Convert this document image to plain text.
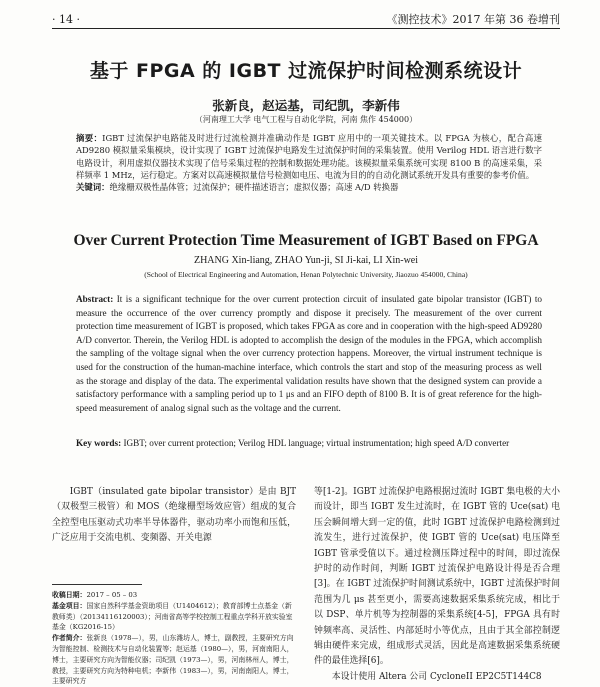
· 14 ·	《测控技术》2017 年第 36 卷增刊
基于 FPGA 的 IGBT 过流保护时间检测系统设计
张新良，赵运基，司纪凯，李新伟
（河南理工大学 电气工程与自动化学院，河南 焦作 454000）
摘要：IGBT 过流保护电路能及时进行过流检测并准确动作是 IGBT 应用中的一项关键技术。以 FPGA 为核心，配合高速 AD9280 模拟量采集模块，设计实现了 IGBT 过流保护电路发生过流保护时间的采集装置。使用 Verilog HDL 语言进行数字电路设计，利用虚拟仪器技术实现了信号采集过程的控制和数据处理功能。该模拟量采集系统可实现 8100 B 的高速采集，采样频率 1 MHz，运行稳定。方案对以高速模拟量信号检测如电压、电流为目的的自动化测试系统开发具有重要的参考价值。
关键词：绝缘栅双极性晶体管；过流保护；硬件描述语言；虚拟仪器；高速 A/D 转换器
Over Current Protection Time Measurement of IGBT Based on FPGA
ZHANG Xin-liang, ZHAO Yun-ji, SI Ji-kai, LI Xin-wei
(School of Electrical Engineering and Automation, Henan Polytechnic University, Jiaozuo 454000, China)
Abstract: It is a significant technique for the over current protection circuit of insulated gate bipolar transistor (IGBT) to measure the occurrence of the over currency promptly and dispose it precisely. The measurement of the over current protection time measurement of IGBT is proposed, which takes FPGA as core and in cooperation with the high-speed AD9280 A/D convertor. Therein, the Verilog HDL is adopted to accomplish the design of the modules in the FPGA, which accomplish the sampling of the voltage signal when the over currency protection happens. Moreover, the virtual instrument technique is used for the construction of the human-machine interface, which controls the start and stop of the measuring process as well as the storage and display of the data. The experimental validation results have shown that the designed system can provide a satisfactory performance with a sampling period up to 1 μs and an FIFO depth of 8100 B. It is of great reference for the high-speed measurement of analog signal such as the voltage and the current.
Key words: IGBT; over current protection; Verilog HDL language; virtual instrumentation; high speed A/D converter
IGBT（insulated gate bipolar transistor）是由 BJT（双极型三极管）和 MOS（绝缘栅型场效应管）组成的复合全控型电压驱动式功率半导体器件，驱动功率小而饱和压低，广泛应用于交流电机、变频器、开关电源

收稿日期：2017 – 05 – 03

基金项目：国家自然科学基金资助项目（U1404612）；教育部博士点基金（新教师类）（20134116120003）；河南省高等学校控制工程重点学科开放实验室基金（KG2016-15）

作者简介：张新良（1978—），男，山东潍坊人，博士，副教授，主要研究方向为智能控制、检测技术与自动化装置等；赵运基（1980—），男，河南南阳人，博士，主要研究方向为智能仪器；司纪凯（1973—），男，河南林州人，博士，教授，主要研究方向为特种电机；李新伟（1983—），男，河南南阳人，博士，主要研究方

等[1-2]。IGBT 过流保护电路根据过流时 IGBT 集电极的大小而设计，即当 IGBT 发生过流时，在 IGBT 管的 Uce(sat) 电压会瞬间增大到一定的值，此时 IGBT 过流保护电路检测到过流发生，进行过流保护，使 IGBT 管的 Uce(sat) 电压降至 IGBT 管承受值以下。通过检测压降过程中的时间，即过流保护时的动作时间，判断 IGBT 过流保护电路设计得是否合理[3]。在 IGBT 过流保护时间测试系统中，IGBT 过流保护时间范围为几 μs 甚至更小，需要高速数据采集系统完成，相比于以 DSP、单片机等为控制器的采集系统[4-5]，FPGA 具有时钟频率高、灵活性、内部延时小等优点，且由于其全部控制逻辑由硬件来完成，组成形式灵活，因此是高速数据采集系统硬件的最佳选择[6]。

本设计使用 Altera 公司 CycloneII EP2C5T144C8
